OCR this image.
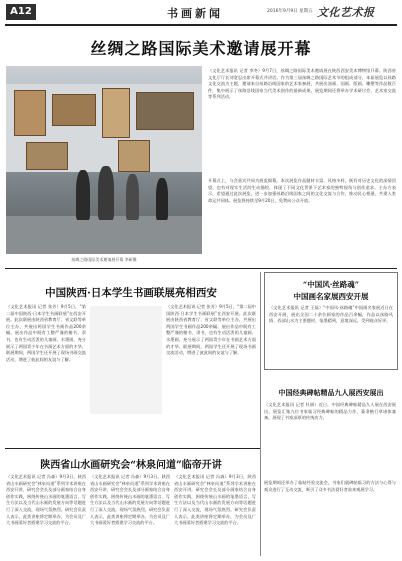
A12	书画新闻	2016年9月9日 星期五 文化艺术报
丝绸之路国际美术邀请展开幕
丝绸之路国际美术邀请展开幕 李研摄
（文化艺术报讯 记者 李冬）9月7日，丝绸之路国际美术邀请展在陕西西安美术博物馆开幕。陕西省文化厅厅长刘宽忍出席开幕式并讲话。作为第三届丝绸之路国际艺术节的组成部分，本届展览以丝路文化交流为主题，邀请来自丝路沿线国家的艺术家参展，共展出油画、国画、版画、雕塑等作品数百件，集中展示了丝路沿线国家当代美术创作的最新成果。展览期间还将举办学术研讨会、艺术家交流等系列活动。
开幕式上，与会嘉宾共同为展览揭幕。本次展览作品题材丰富、风格多样，既有对历史文化的深情回望，也有对现实生活的生动描绘，体现了不同文化背景下艺术家的独特视角与创作追求。主办方表示，希望通过此次展览，进一步加强丝路沿线国家之间的文化交流与合作，推动民心相通，共建人类命运共同体。展览将持续至9月20日，免费向公众开放。
中国陕西·日本学生书画联展亮相西安
（文化艺术报讯 记者 张芳）9月5日，“第二届中国陕西·日本学生书画联展”在西安开展。此次联展由陕西省教育厅、省文联等单位主办，共展出两国学生书画作品200余幅。展出作品中既有工整严谨的楷书、隶书，也有生动活泼的儿童画、水墨画，充分展示了两国青少年在书画艺术方面的才华。联展期间，两国学生还开展了现场书画交流活动，增进了彼此间的友谊与了解。
（文化艺术报讯 记者 张芳）9月5日，“第二届中国陕西·日本学生书画联展”在西安开展。此次联展由陕西省教育厅、省文联等单位主办，共展出两国学生书画作品200余幅。展出作品中既有工整严谨的楷书、隶书，也有生动活泼的儿童画、水墨画，充分展示了两国青少年在书画艺术方面的才华。联展期间，两国学生还开展了现场书画交流活动，增进了彼此间的友谊与了解。
陕西省山水画研究会“林泉问道”临帝开讲
（文化艺术报讯 记者 冯森）9月3日，陕西省山水画研究会“林泉问道”系列学术讲座在西安开讲，研究会会长及部分画家结合自身创作实践，围绕传统山水画的笔墨语言、写生方法以及当代山水画的发展方向等话题进行了深入交流，现场气氛热烈。研究会负责人表示，此类讲座将定期举办，为会员及广大书画爱好者搭建学习交流的平台。
（文化艺术报讯 记者 冯森）9月3日，陕西省山水画研究会“林泉问道”系列学术讲座在西安开讲，研究会会长及部分画家结合自身创作实践，围绕传统山水画的笔墨语言、写生方法以及当代山水画的发展方向等话题进行了深入交流，现场气氛热烈。研究会负责人表示，此类讲座将定期举办，为会员及广大书画爱好者搭建学习交流的平台。
（文化艺术报讯 记者 冯森）9月3日，陕西省山水画研究会“林泉问道”系列学术讲座在西安开讲，研究会会长及部分画家结合自身创作实践，围绕传统山水画的笔墨语言、写生方法以及当代山水画的发展方向等话题进行了深入交流，现场气氛热烈。研究会负责人表示，此类讲座将定期举办，为会员及广大书画爱好者搭建学习交流的平台。
“中国风·丝路魂”
中国画名家展西安开展
（文化艺术报讯 记者 王磊）“中国风·丝路魂”中国画名家展近日在西安开展，展出全国二十余位画家的作品百余幅，作品以丝路风情、西部山水为主要题材，笔墨精到，意境深远，受到观众好评。
中国经典碑帖精品九人展西安展出
（文化艺术报讯 记者 杜娟）近日，中国经典碑帖精品九人展在西安展出，展览汇集九位书家临习经典碑帖的精品力作，篆隶楷行草诸体兼备，展现了书家深厚的传统功力。
展览期间还举办了临帖经验交流会，书家们就碑帖临习的方法与心得与观众进行了互动交流，吸引了众多书法爱好者前来观展学习。
